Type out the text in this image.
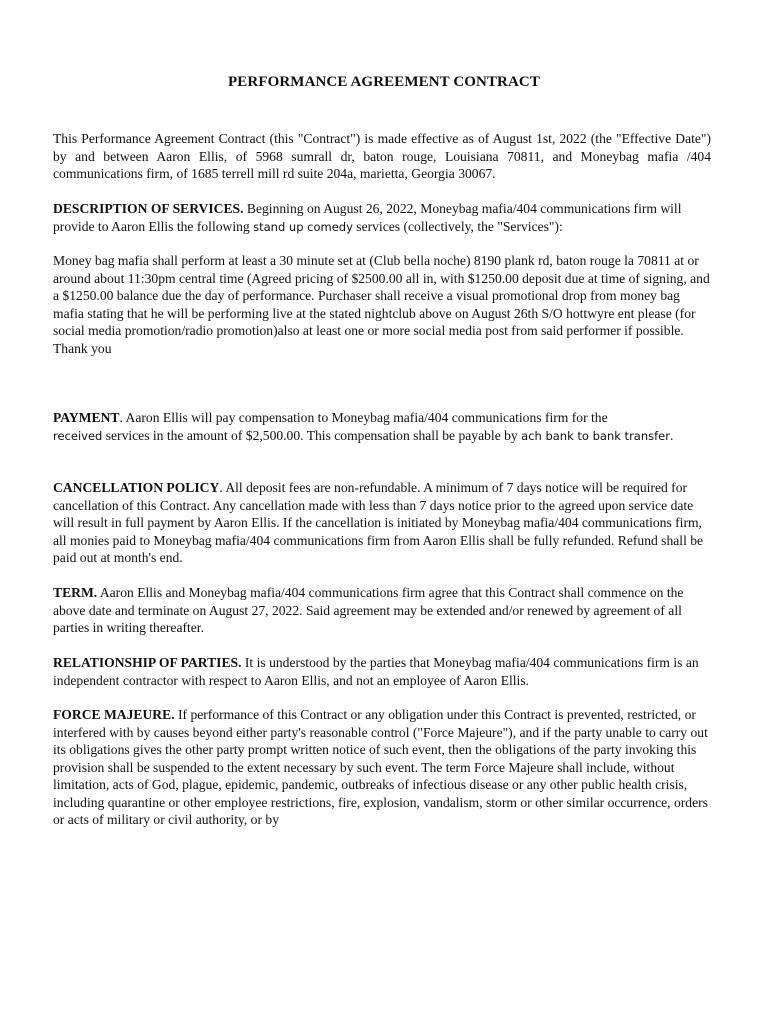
PERFORMANCE AGREEMENT CONTRACT

This Performance Agreement Contract (this "Contract") is made effective as of August 1st, 2022 (the "Effective Date") by and between Aaron Ellis, of 5968 sumrall dr, baton rouge, Louisiana 70811, and Moneybag mafia /404 communications firm, of 1685 terrell mill rd suite 204a, marietta, Georgia 30067.

DESCRIPTION OF SERVICES. Beginning on August 26, 2022, Moneybag mafia/404 communications firm will provide to Aaron Ellis the following stand up comedy services (collectively, the "Services"):

Money bag mafia shall perform at least a 30 minute set at (Club bella noche) 8190 plank rd, baton rouge la 70811 at or around about 11:30pm central time (Agreed pricing of $2500.00 all in, with $1250.00 deposit due at time of signing, and a $1250.00 balance due the day of performance. Purchaser shall receive a visual promotional drop from money bag mafia stating that he will be performing live at the stated nightclub above on August 26th S/O hottwyre ent please (for social media promotion/radio promotion)also at least one or more social media post from said performer if possible. Thank you

PAYMENT. Aaron Ellis will pay compensation to Moneybag mafia/404 communications firm for the
received services in the amount of $2,500.00. This compensation shall be payable by ach bank to bank transfer.

CANCELLATION POLICY. All deposit fees are non-refundable. A minimum of 7 days notice will be required for cancellation of this Contract. Any cancellation made with less than 7 days notice prior to the agreed upon service date will result in full payment by Aaron Ellis. If the cancellation is initiated by Moneybag mafia/404 communications firm, all monies paid to Moneybag mafia/404 communications firm from Aaron Ellis shall be fully refunded. Refund shall be paid out at month's end.

TERM. Aaron Ellis and Moneybag mafia/404 communications firm agree that this Contract shall commence on the above date and terminate on August 27, 2022. Said agreement may be extended and/or renewed by agreement of all parties in writing thereafter.

RELATIONSHIP OF PARTIES. It is understood by the parties that Moneybag mafia/404 communications firm is an independent contractor with respect to Aaron Ellis, and not an employee of Aaron Ellis.

FORCE MAJEURE. If performance of this Contract or any obligation under this Contract is prevented, restricted, or interfered with by causes beyond either party's reasonable control ("Force Majeure"), and if the party unable to carry out its obligations gives the other party prompt written notice of such event, then the obligations of the party invoking this provision shall be suspended to the extent necessary by such event. The term Force Majeure shall include, without limitation, acts of God, plague, epidemic, pandemic, outbreaks of infectious disease or any other public health crisis, including quarantine or other employee restrictions, fire, explosion, vandalism, storm or other similar occurrence, orders or acts of military or civil authority, or by
